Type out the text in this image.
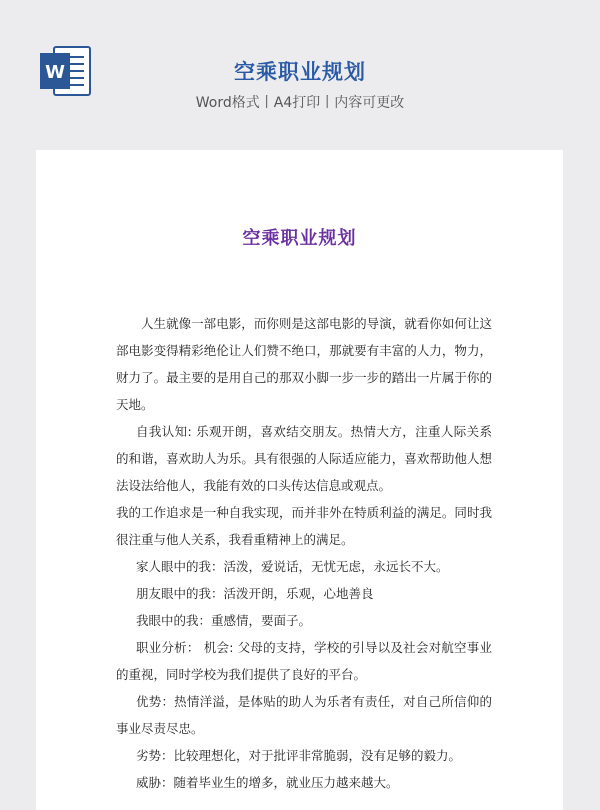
W	空乘职业规划
Word格式丨A4打印丨内容可更改
空乘职业规划

人生就像一部电影，而你则是这部电影的导演，就看你如何让这部电影变得精彩绝伦让人们赞不绝口，那就要有丰富的人力，物力，财力了。最主要的是用自己的那双小脚一步一步的踏出一片属于你的天地。

自我认知: 乐观开朗，喜欢结交朋友。热情大方，注重人际关系的和谐，喜欢助人为乐。具有很强的人际适应能力，喜欢帮助他人想法设法给他人，我能有效的口头传达信息或观点。

我的工作追求是一种自我实现，而并非外在特质利益的满足。同时我很注重与他人关系，我看重精神上的满足。

家人眼中的我：活泼，爱说话，无忧无虑，永远长不大。

朋友眼中的我：活泼开朗，乐观，心地善良

我眼中的我：重感情，要面子。

职业分析： 机会: 父母的支持，学校的引导以及社会对航空事业的重视，同时学校为我们提供了良好的平台。

优势：热情洋溢，是体贴的助人为乐者有责任，对自己所信仰的事业尽责尽忠。

劣势：比较理想化，对于批评非常脆弱，没有足够的毅力。

威胁：随着毕业生的增多，就业压力越来越大。
